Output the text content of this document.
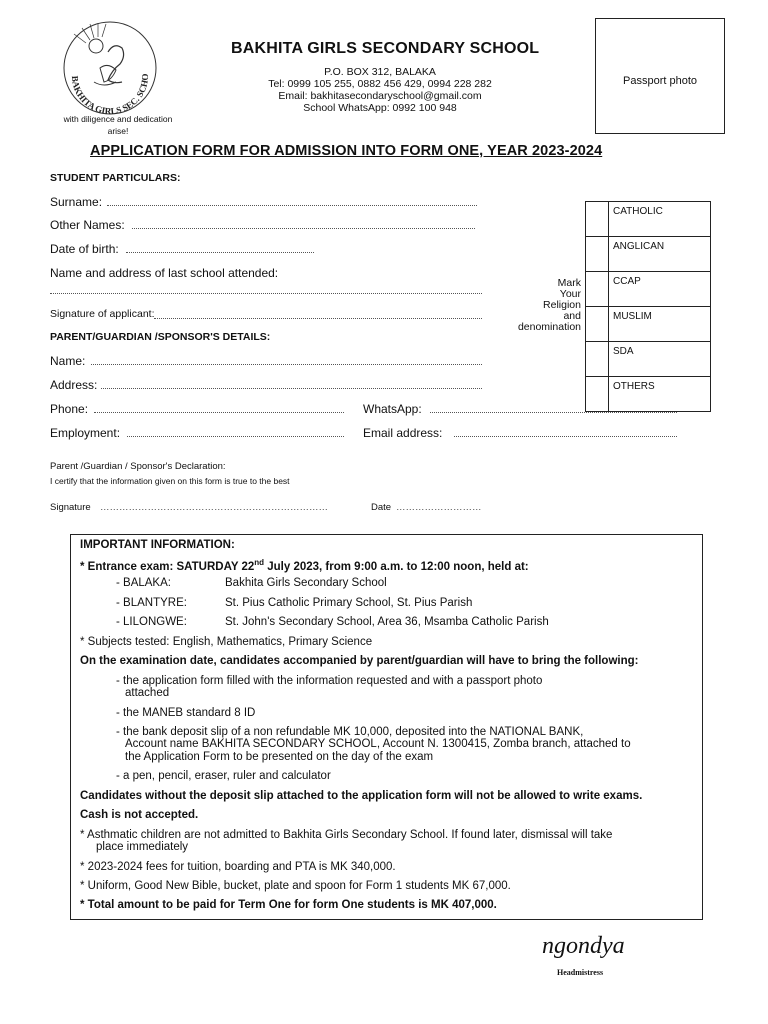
BAKHITA GIRLS SEC. SCHO
with diligence and dedication
arise!
BAKHITA GIRLS SECONDARY SCHOOL
P.O. BOX 312, BALAKA
Tel: 0999 105 255, 0882 456 429, 0994 228 282
Email: bakhitasecondaryschool@gmail.com
School WhatsApp: 0992 100 948
Passport photo
APPLICATION FORM FOR ADMISSION INTO FORM ONE, YEAR 2023-2024
STUDENT PARTICULARS:
Surname:
Other Names:
Date of birth:
Name and address of last school attended:
Signature of applicant:
Mark
Your
Religion
and
denomination
	CATHOLIC
	ANGLICAN
	CCAP
	MUSLIM
	SDA
	OTHERS
PARENT/GUARDIAN /SPONSOR'S DETAILS:
Name:
Address:
Phone:	WhatsApp:
Employment:	Email address:
Parent /Guardian / Sponsor's Declaration:
I certify that the information given on this form is true to the best
Signature ………………………………………………………………	Date ………………………
IMPORTANT INFORMATION:
* Entrance exam: SATURDAY 22nd July 2023, from 9:00 a.m. to 12:00 noon, held at:
- BALAKA:	Bakhita Girls Secondary School
- BLANTYRE:	St. Pius Catholic Primary School, St. Pius Parish
- LILONGWE:	St. John's Secondary School, Area 36, Msamba Catholic Parish
* Subjects tested: English, Mathematics, Primary Science
On the examination date, candidates accompanied by parent/guardian will have to bring the following:
- the application form filled with the information requested and with a passport photo
attached
- the MANEB standard 8 ID
- the bank deposit slip of a non refundable MK 10,000, deposited into the NATIONAL BANK,
Account name BAKHITA SECONDARY SCHOOL, Account N. 1300415, Zomba branch, attached to
the Application Form to be presented on the day of the exam
- a pen, pencil, eraser, ruler and calculator
Candidates without the deposit slip attached to the application form will not be allowed to write exams.
Cash is not accepted.
* Asthmatic children are not admitted to Bakhita Girls Secondary School. If found later, dismissal will take
place immediately
* 2023-2024 fees for tuition, boarding and PTA is MK 340,000.
* Uniform, Good New Bible, bucket, plate and spoon for Form 1 students MK 67,000.
* Total amount to be paid for Term One for form One students is MK 407,000.
ngondya
Headmistress
